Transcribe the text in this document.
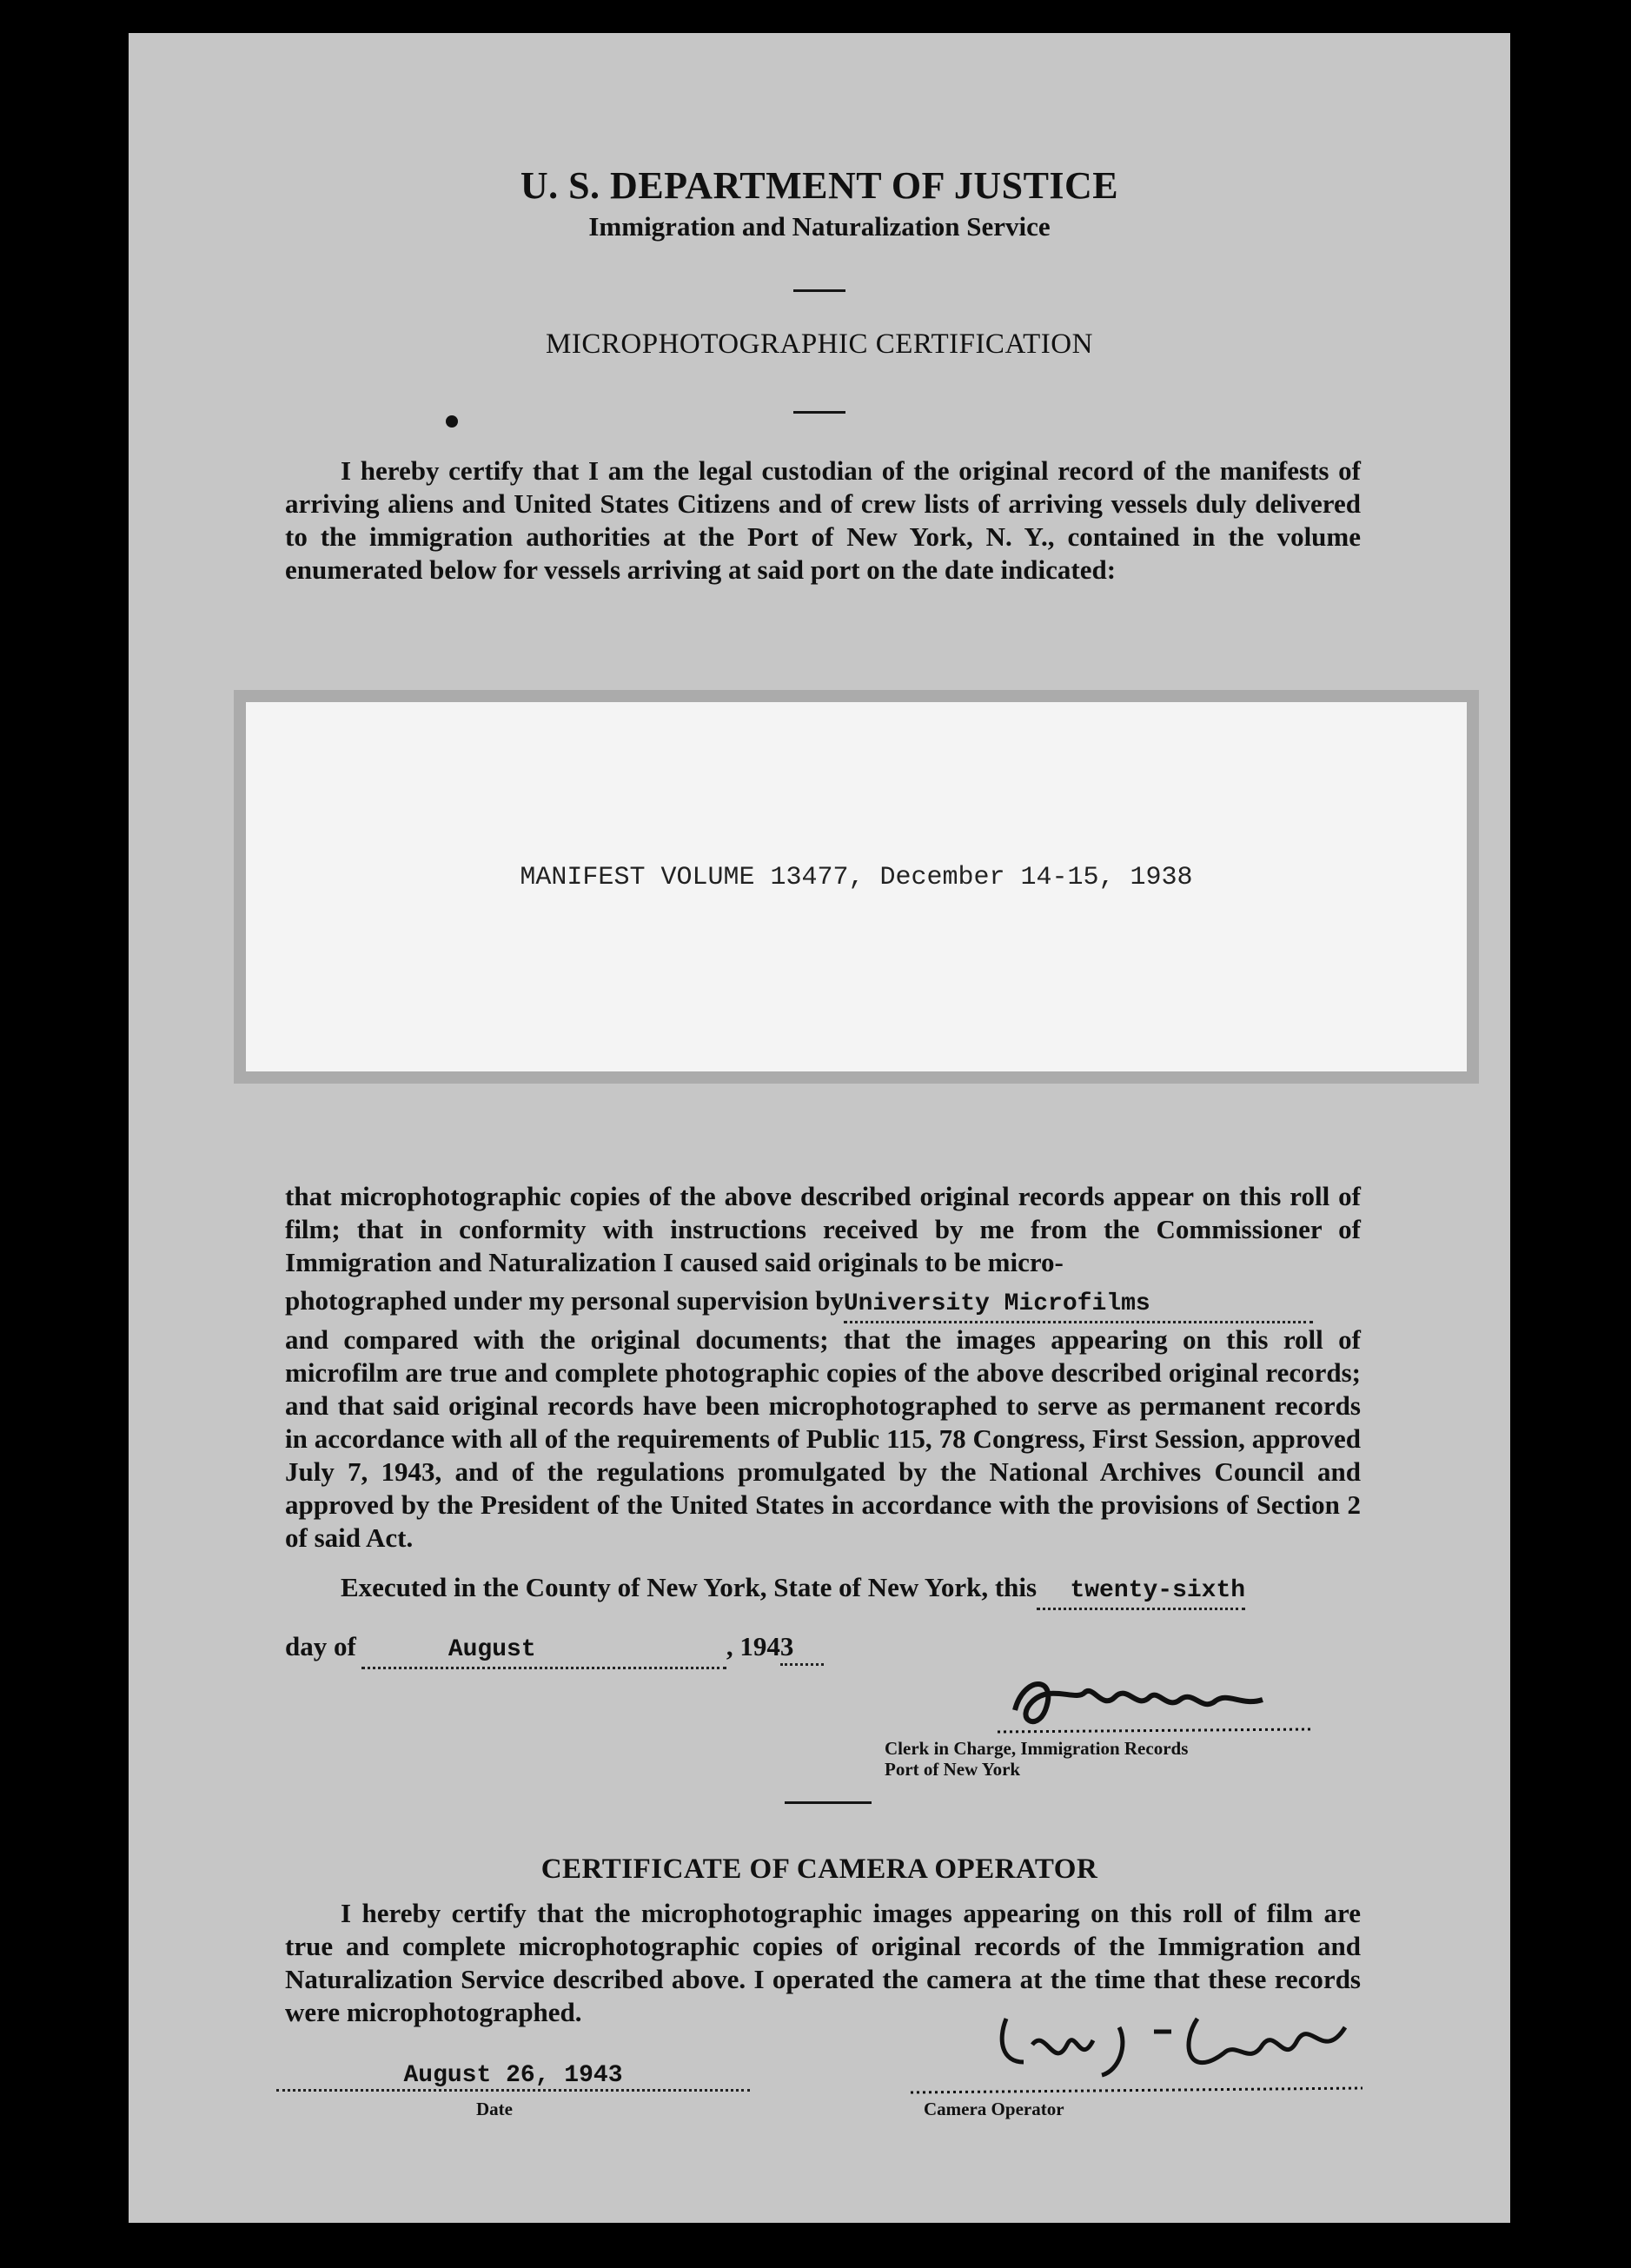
U. S. DEPARTMENT OF JUSTICE
Immigration and Naturalization Service
MICROPHOTOGRAPHIC CERTIFICATION

I hereby certify that I am the legal custodian of the original record of the manifests of arriving aliens and United States Citizens and of crew lists of arriving vessels duly delivered to the immigration authorities at the Port of New York, N. Y., contained in the volume enumerated below for vessels arriving at said port on the date indicated:

MANIFEST VOLUME 13477, December 14-15, 1938

that microphotographic copies of the above described original records appear on this roll of film; that in conformity with instructions received by me from the Commissioner of Immigration and Naturalization I caused said originals to be micro-

photographed under my personal supervision byUniversity Microfilms

and compared with the original documents; that the images appearing on this roll of microfilm are true and complete photographic copies of the above described original records; and that said original records have been microphotographed to serve as permanent records in accordance with all of the requirements of Public 115, 78 Congress, First Session, approved July 7, 1943, and of the regulations promulgated by the National Archives Council and approved by the President of the United States in accordance with the provisions of Section 2 of said Act.

Executed in the County of New York, State of New York, this twenty-sixth
day of	August	, 1943
Clerk in Charge, Immigration Records
Port of New York
CERTIFICATE OF CAMERA OPERATOR

I hereby certify that the microphotographic images appearing on this roll of film are true and complete microphotographic copies of original records of the Immigration and Naturalization Service described above. I operated the camera at the time that these records were microphotographed.

August 26, 1943
Date	Camera Operator
